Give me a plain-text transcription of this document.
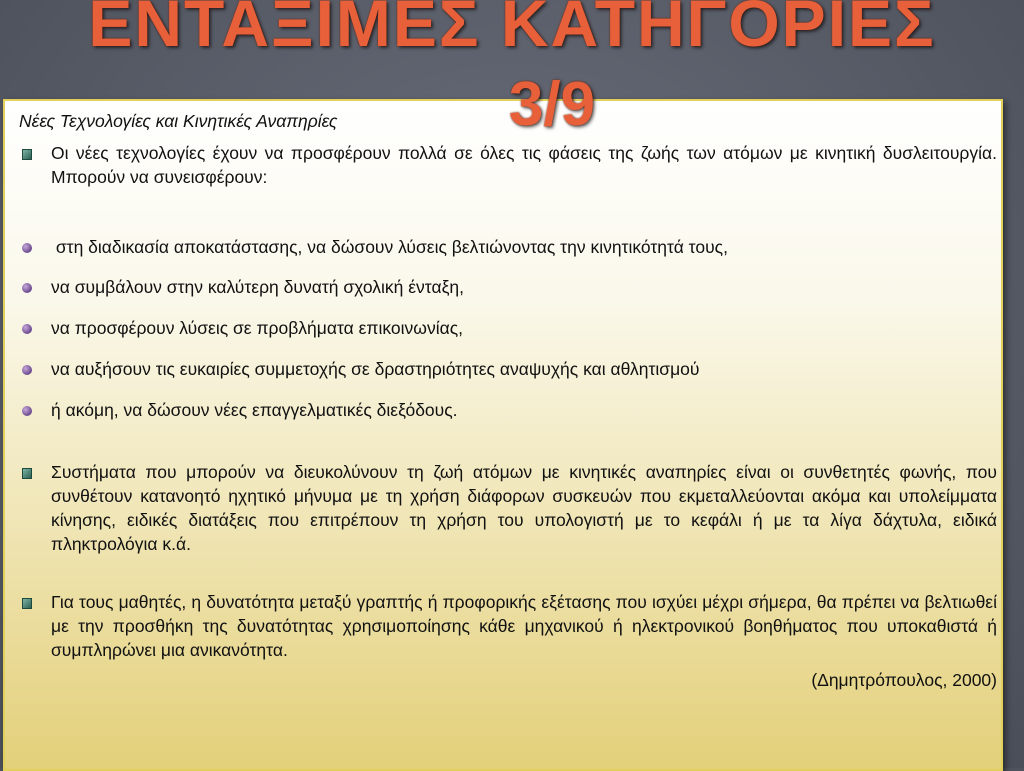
ΕΝΤΑΞΙΜΕΣ ΚΑΤΗΓΟΡΙΕΣ
3/9
Νέες Τεχνολογίες και Κινητικές Αναπηρίες
Οι νέες τεχνολογίες έχουν να προσφέρουν πολλά σε όλες τις φάσεις της ζωής των ατόμων με κινητική δυσλειτουργία. Μπορούν να συνεισφέρουν:
στη διαδικασία αποκατάστασης, να δώσουν λύσεις βελτιώνοντας την κινητικότητά τους,
να συμβάλουν στην καλύτερη δυνατή σχολική ένταξη,
να προσφέρουν λύσεις σε προβλήματα επικοινωνίας,
να αυξήσουν τις ευκαιρίες συμμετοχής σε δραστηριότητες αναψυχής και αθλητισμού
ή ακόμη, να δώσουν νέες επαγγελματικές διεξόδους.
Συστήματα που μπορούν να διευκολύνουν τη ζωή ατόμων με κινητικές αναπηρίες είναι οι συνθετητές φωνής, που συνθέτουν κατανοητό ηχητικό μήνυμα με τη χρήση διάφορων συσκευών που εκμεταλλεύονται ακόμα και υπολείμματα κίνησης, ειδικές διατάξεις που επιτρέπουν τη χρήση του υπολογιστή με το κεφάλι ή με τα λίγα δάχτυλα, ειδικά πληκτρολόγια κ.ά.
Για τους μαθητές, η δυνατότητα μεταξύ γραπτής ή προφορικής εξέτασης που ισχύει μέχρι σήμερα, θα πρέπει να βελτιωθεί με την προσθήκη της δυνατότητας χρησιμοποίησης κάθε μηχανικού ή ηλεκτρονικού βοηθήματος που υποκαθιστά ή συμπληρώνει μια ανικανότητα.
(Δημητρόπουλος, 2000)
